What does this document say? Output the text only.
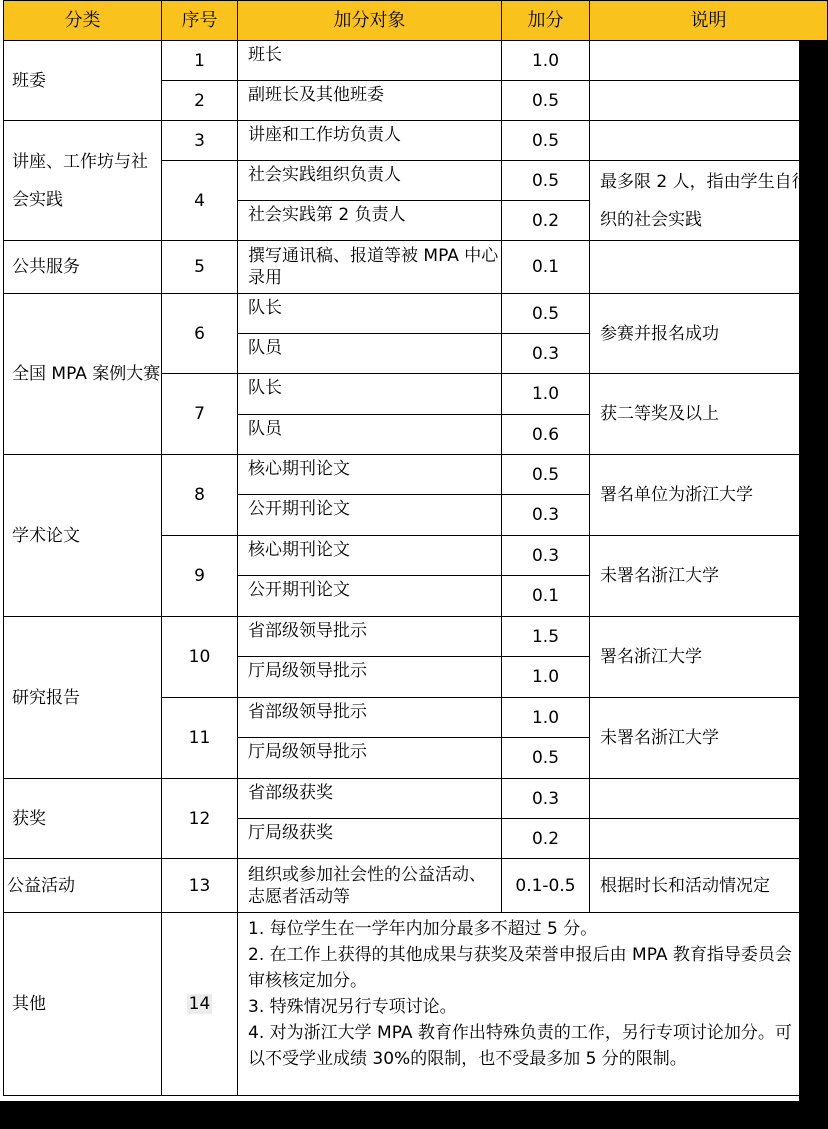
分类	序号	加分对象	加分	说明
班委	1	班长	1.0	
	2	副班长及其他班委	0.5	
讲座、工作坊与社会实践	3	讲座和工作坊负责人	0.5	
	4	社会实践组织负责人	0.5	最多限 2 人，指由学生自行组织的社会实践
		社会实践第 2 负责人	0.2	
公共服务	5	撰写通讯稿、报道等被 MPA 中心录用	0.1	
全国 MPA 案例大赛	6	队长	0.5	参赛并报名成功
		队员	0.3	
	7	队长	1.0	获二等奖及以上
		队员	0.6	
学术论文	8	核心期刊论文	0.5	署名单位为浙江大学
		公开期刊论文	0.3	
	9	核心期刊论文	0.3	未署名浙江大学
		公开期刊论文	0.1	
研究报告	10	省部级领导批示	1.5	署名浙江大学
		厅局级领导批示	1.0	
	11	省部级领导批示	1.0	未署名浙江大学
		厅局级领导批示	0.5	
获奖	12	省部级获奖	0.3	
		厅局级获奖	0.2	
公益活动	13	组织或参加社会性的公益活动、志愿者活动等	0.1-0.5	根据时长和活动情况定
其他	14	1. 每位学生在一学年内加分最多不超过 5 分。
2. 在工作上获得的其他成果与获奖及荣誉申报后由 MPA 教育指导委员会审核核定加分。
3. 特殊情况另行专项讨论。
4. 对为浙江大学 MPA 教育作出特殊负责的工作，另行专项讨论加分。可以不受学业成绩 30%的限制，也不受最多加 5 分的限制。		
